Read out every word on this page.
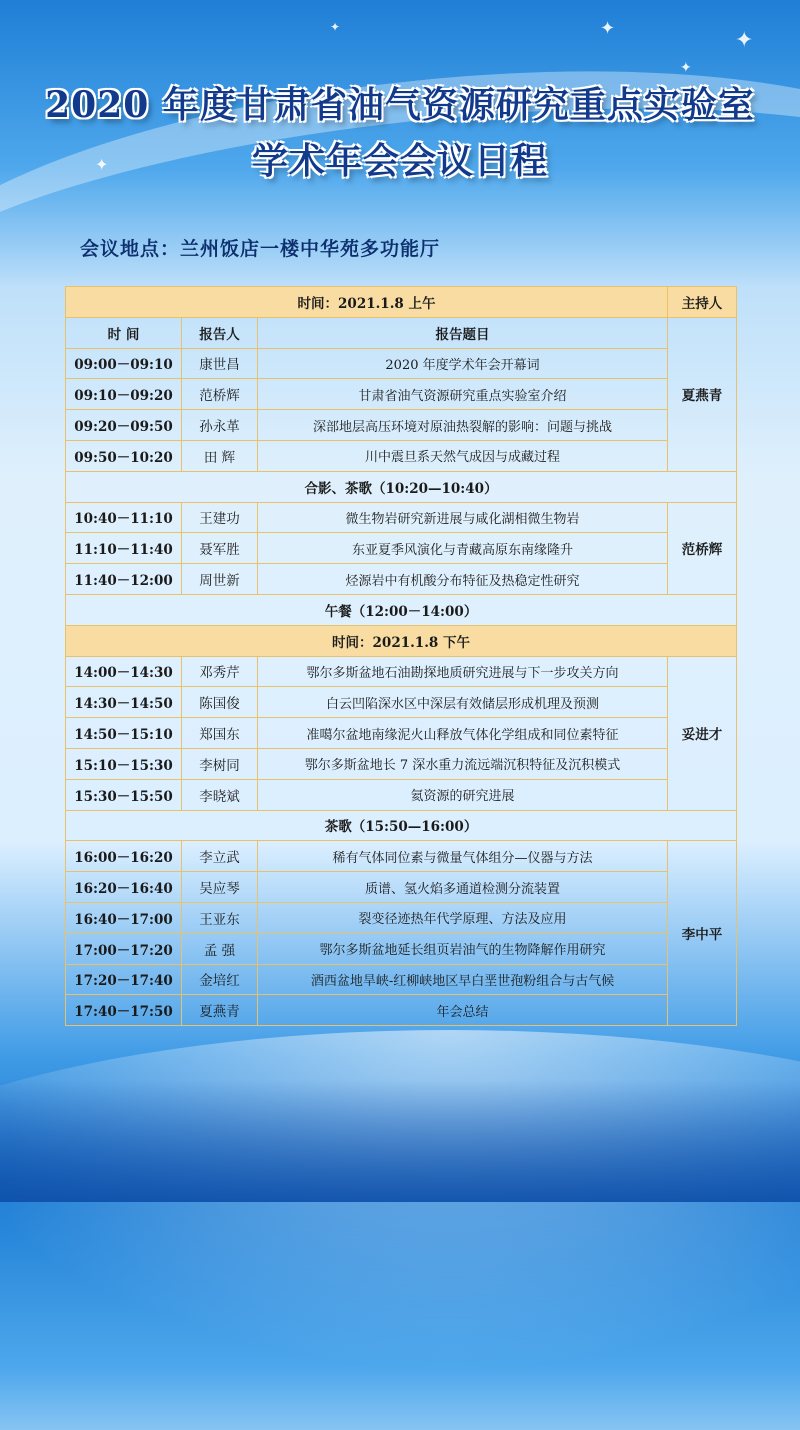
✦
✦
✦
✦
✦
2020 年度甘肃省油气资源研究重点实验室
学术年会会议日程
会议地点：兰州饭店一楼中华苑多功能厅
时间：2021.1.8 上午			主持人
时 间	报告人	报告题目	夏燕青
09:00－09:10	康世昌	2020 年度学术年会开幕词	
09:10－09:20	范桥辉	甘肃省油气资源研究重点实验室介绍	
09:20－09:50	孙永革	深部地层高压环境对原油热裂解的影响：问题与挑战	
09:50－10:20	田 辉	川中震旦系天然气成因与成藏过程	
合影、茶歌（10:20—10:40）			
10:40－11:10	王建功	微生物岩研究新进展与咸化湖相微生物岩	范桥辉
11:10－11:40	聂军胜	东亚夏季风演化与青藏高原东南缘隆升	
11:40－12:00	周世新	烃源岩中有机酸分布特征及热稳定性研究	
午餐（12:00－14:00）			
时间：2021.1.8 下午			
14:00－14:30	邓秀芹	鄂尔多斯盆地石油勘探地质研究进展与下一步攻关方向	妥进才
14:30－14:50	陈国俊	白云凹陷深水区中深层有效储层形成机理及预测	
14:50－15:10	郑国东	准噶尔盆地南缘泥火山释放气体化学组成和同位素特征	
15:10－15:30	李树同	鄂尔多斯盆地长 7 深水重力流远端沉积特征及沉积模式	
15:30－15:50	李晓斌	氦资源的研究进展	
茶歌（15:50—16:00）			
16:00－16:20	李立武	稀有气体同位素与微量气体组分—仪器与方法	李中平
16:20－16:40	吴应琴	质谱、氢火焰多通道检测分流装置	
16:40－17:00	王亚东	裂变径迹热年代学原理、方法及应用	
17:00－17:20	孟 强	鄂尔多斯盆地延长组页岩油气的生物降解作用研究	
17:20－17:40	金培红	酒西盆地旱峡-红柳峡地区早白垩世孢粉组合与古气候	
17:40－17:50	夏燕青	年会总结	
